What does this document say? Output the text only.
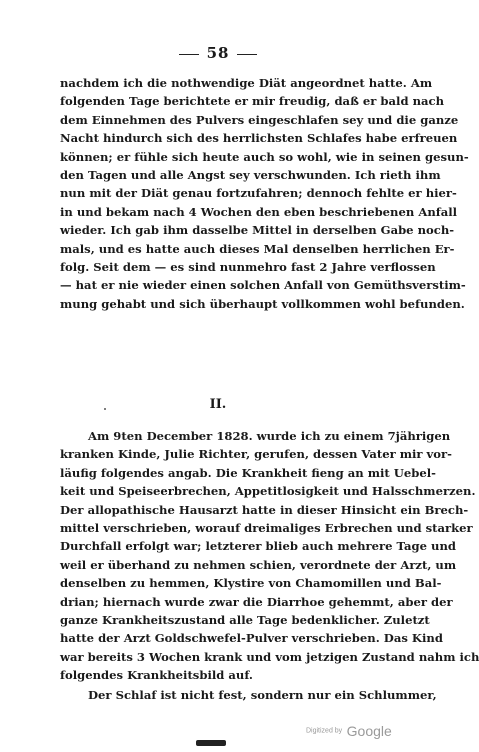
58
nachdem ich die nothwendige Diät angeordnet hatte. Am
folgenden Tage berichtete er mir freudig, daß er bald nach
dem Einnehmen des Pulvers eingeschlafen sey und die ganze
Nacht hindurch sich des herrlichsten Schlafes habe erfreuen
können; er fühle sich heute auch so wohl, wie in seinen gesun-
den Tagen und alle Angst sey verschwunden. Ich rieth ihm
nun mit der Diät genau fortzufahren; dennoch fehlte er hier-
in und bekam nach 4 Wochen den eben beschriebenen Anfall
wieder. Ich gab ihm dasselbe Mittel in derselben Gabe noch-
mals, und es hatte auch dieses Mal denselben herrlichen Er-
folg. Seit dem — es sind nunmehro fast 2 Jahre verflossen
— hat er nie wieder einen solchen Anfall von Gemüthsverstim-
mung gehabt und sich überhaupt vollkommen wohl befunden.
II.
Am 9ten December 1828. wurde ich zu einem 7jährigen
kranken Kinde, Julie Richter, gerufen, dessen Vater mir vor-
läufig folgendes angab. Die Krankheit fieng an mit Uebel-
keit und Speiseerbrechen, Appetitlosigkeit und Halsschmerzen.
Der allopathische Hausarzt hatte in dieser Hinsicht ein Brech-
mittel verschrieben, worauf dreimaliges Erbrechen und starker
Durchfall erfolgt war; letzterer blieb auch mehrere Tage und
weil er überhand zu nehmen schien, verordnete der Arzt, um
denselben zu hemmen, Klystire von Chamomillen und Bal-
drian; hiernach wurde zwar die Diarrhoe gehemmt, aber der
ganze Krankheitszustand alle Tage bedenklicher. Zuletzt
hatte der Arzt Goldschwefel-Pulver verschrieben. Das Kind
war bereits 3 Wochen krank und vom jetzigen Zustand nahm ich
folgendes Krankheitsbild auf.
Der Schlaf ist nicht fest, sondern nur ein Schlummer,
Digitized by Google
